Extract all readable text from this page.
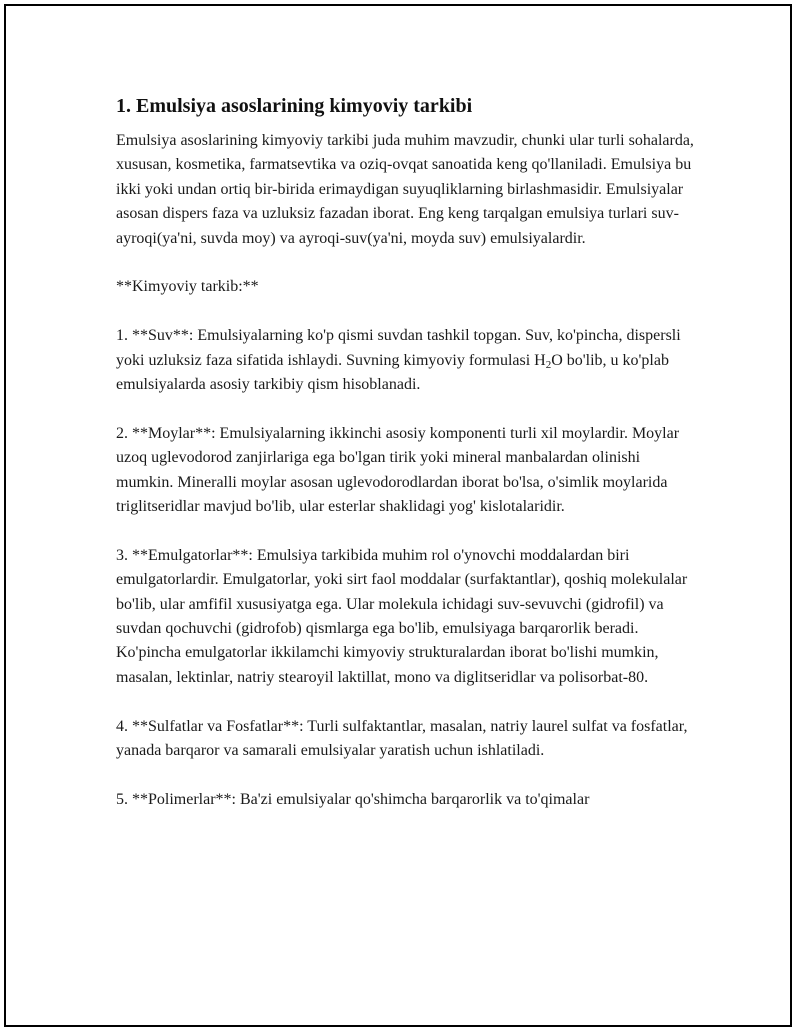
1. Emulsiya asoslarining kimyoviy tarkibi

Emulsiya asoslarining kimyoviy tarkibi juda muhim mavzudir, chunki ular turli sohalarda, xususan, kosmetika, farmatsevtika va oziq-ovqat sanoatida keng qo'llaniladi. Emulsiya bu ikki yoki undan ortiq bir-birida erimaydigan suyuqliklarning birlashmasidir. Emulsiyalar asosan dispers faza va uzluksiz fazadan iborat. Eng keng tarqalgan emulsiya turlari suv-ayroqi(ya'ni, suvda moy) va ayroqi-suv(ya'ni, moyda suv) emulsiyalardir.

**Kimyoviy tarkib:**

1. **Suv**: Emulsiyalarning ko'p qismi suvdan tashkil topgan. Suv, ko'pincha, dispersli yoki uzluksiz faza sifatida ishlaydi. Suvning kimyoviy formulasi $H_2O$ bo'lib, u ko'plab emulsiyalarda asosiy tarkibiy qism hisoblanadi.

2. **Moylar**: Emulsiyalarning ikkinchi asosiy komponenti turli xil moylardir. Moylar uzoq uglevodorod zanjirlariga ega bo'lgan tirik yoki mineral manbalardan olinishi mumkin. Mineralli moylar asosan uglevodorodlardan iborat bo'lsa, o'simlik moylarida triglitseridlar mavjud bo'lib, ular esterlar shaklidagi yog' kislotalaridir.

3. **Emulgatorlar**: Emulsiya tarkibida muhim rol o'ynovchi moddalardan biri emulgatorlardir. Emulgatorlar, yoki sirt faol moddalar (surfaktantlar), qoshiq molekulalar bo'lib, ular amfifil xususiyatga ega. Ular molekula ichidagi suv-sevuvchi (gidrofil) va suvdan qochuvchi (gidrofob) qismlarga ega bo'lib, emulsiyaga barqarorlik beradi. Ko'pincha emulgatorlar ikkilamchi kimyoviy strukturalardan iborat bo'lishi mumkin, masalan, lektinlar, natriy stearoyil laktillat, mono va diglitseridlar va polisorbat-80.

4. **Sulfatlar va Fosfatlar**: Turli sulfaktantlar, masalan, natriy laurel sulfat va fosfatlar, yanada barqaror va samarali emulsiyalar yaratish uchun ishlatiladi.

5. **Polimerlar**: Ba'zi emulsiyalar qo'shimcha barqarorlik va to'qimalar
